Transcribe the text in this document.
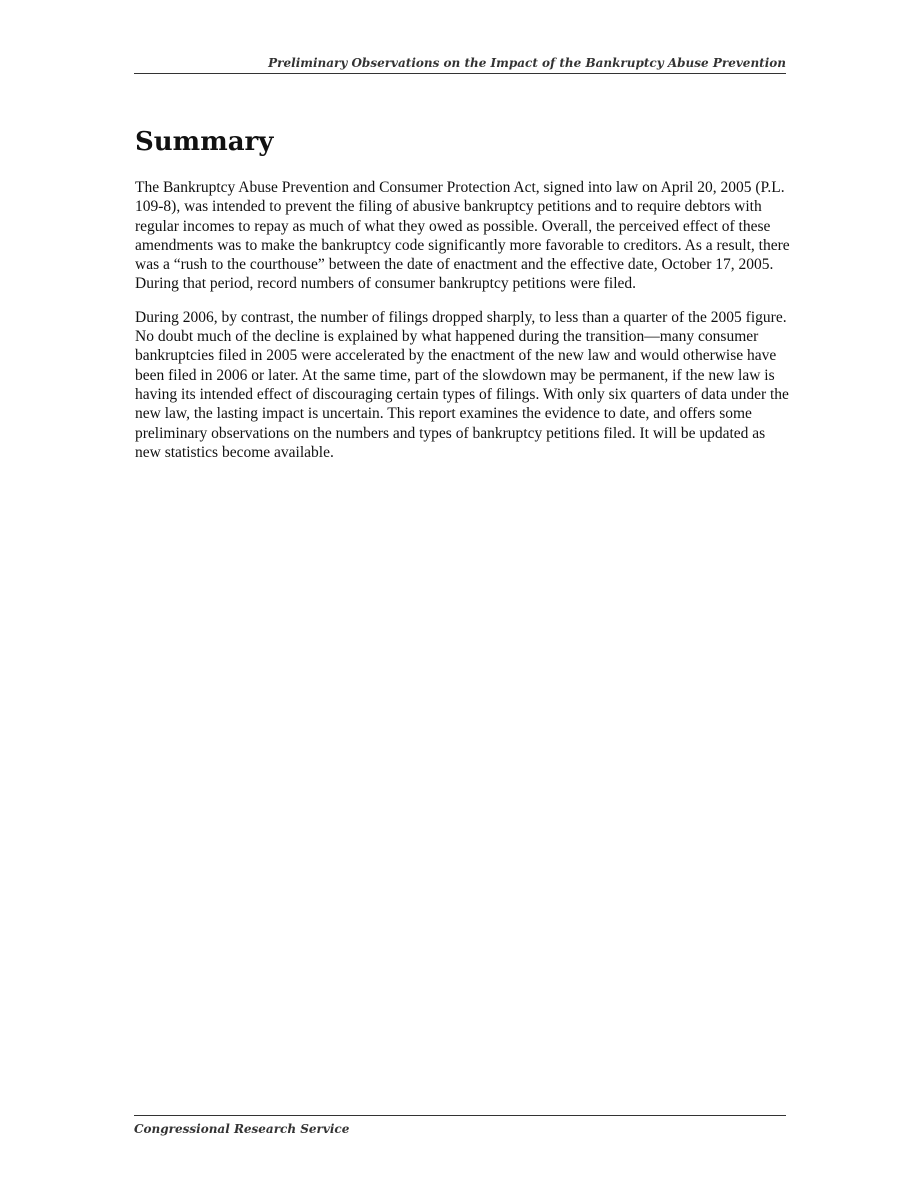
Preliminary Observations on the Impact of the Bankruptcy Abuse Prevention
Summary

The Bankruptcy Abuse Prevention and Consumer Protection Act, signed into law on April 20, 2005 (P.L. 109-8), was intended to prevent the filing of abusive bankruptcy petitions and to require debtors with regular incomes to repay as much of what they owed as possible. Overall, the perceived effect of these amendments was to make the bankruptcy code significantly more favorable to creditors. As a result, there was a “rush to the courthouse” between the date of enactment and the effective date, October 17, 2005. During that period, record numbers of consumer bankruptcy petitions were filed.

During 2006, by contrast, the number of filings dropped sharply, to less than a quarter of the 2005 figure. No doubt much of the decline is explained by what happened during the transition—many consumer bankruptcies filed in 2005 were accelerated by the enactment of the new law and would otherwise have been filed in 2006 or later. At the same time, part of the slowdown may be permanent, if the new law is having its intended effect of discouraging certain types of filings. With only six quarters of data under the new law, the lasting impact is uncertain. This report examines the evidence to date, and offers some preliminary observations on the numbers and types of bankruptcy petitions filed. It will be updated as new statistics become available.

Congressional Research Service
